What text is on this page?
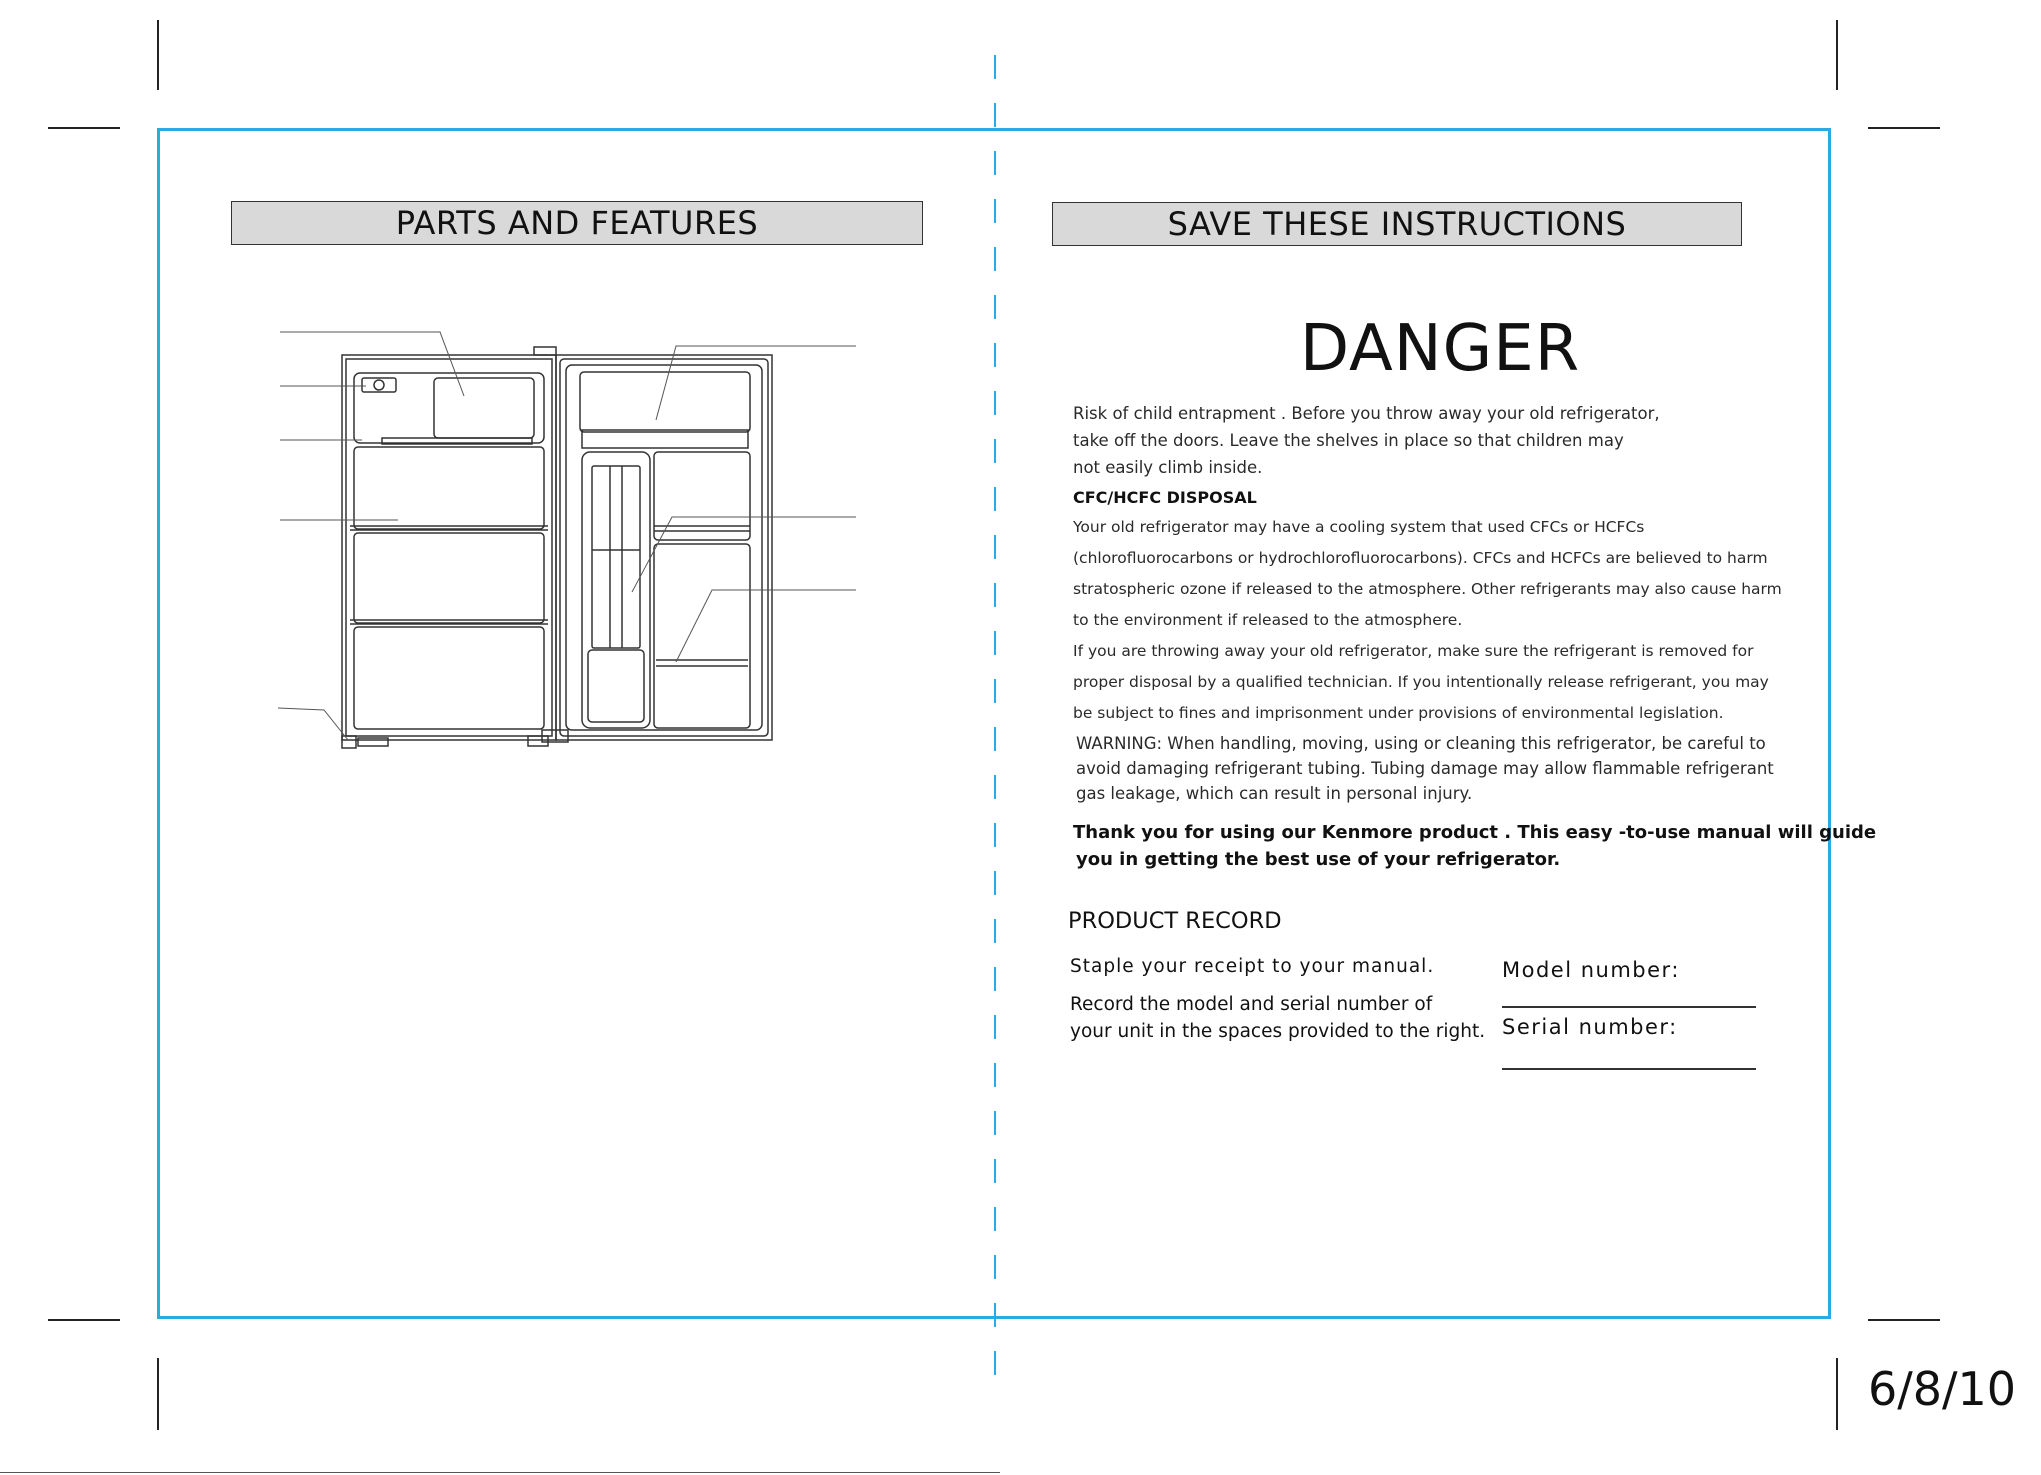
PARTS AND FEATURES	SAVE THESE INSTRUCTIONS
DANGER
Risk of child entrapment . Before you throw away your old refrigerator,
take off the doors. Leave the shelves in place so that children may
not easily climb inside.
CFC/HCFC DISPOSAL
Your old refrigerator may have a cooling system that used CFCs or HCFCs
(chlorofluorocarbons or hydrochlorofluorocarbons). CFCs and HCFCs are believed to harm
stratospheric ozone if released to the atmosphere. Other refrigerants may also cause harm
to the environment if released to the atmosphere.
If you are throwing away your old refrigerator, make sure the refrigerant is removed for
proper disposal by a qualified technician. If you intentionally release refrigerant, you may
be subject to fines and imprisonment under provisions of environmental legislation.
WARNING: When handling, moving, using or cleaning this refrigerator, be careful to
avoid damaging refrigerant tubing. Tubing damage may allow flammable refrigerant
gas leakage, which can result in personal injury.
Thank you for using our Kenmore product . This easy -to-use manual will guide
you in getting the best use of your refrigerator.
PRODUCT RECORD
Staple your receipt to your manual.
Record the model and serial number of
your unit in the spaces provided to the right.
Model number:
Serial number:
6/8/10
